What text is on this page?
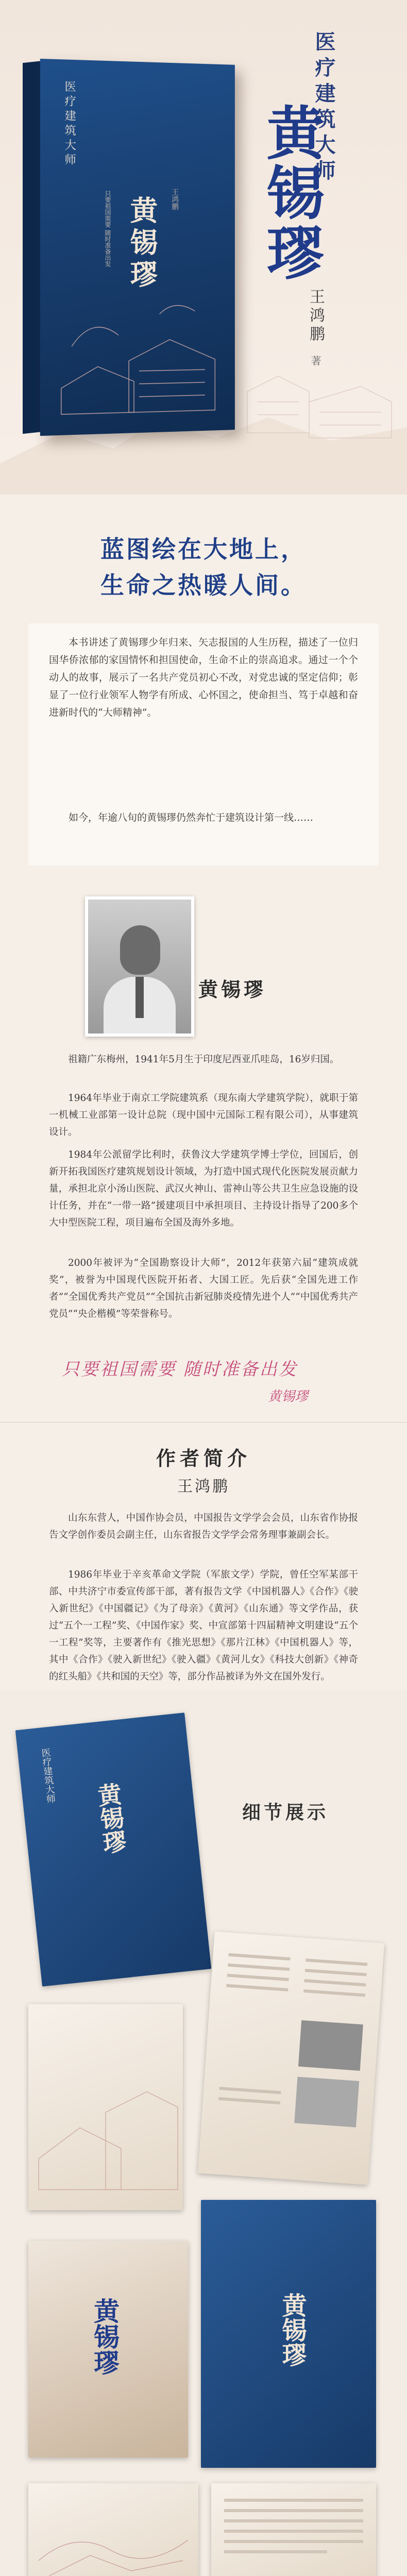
医疗建筑大师
只要祖国需要 随时准备出发 黄锡璆 王鸿鹏
医疗建筑大师
黄锡璆
王鸿鹏
著
蓝图绘在大地上，
生命之热暖人间。

本书讲述了黄锡璆少年归来、矢志报国的人生历程，描述了一位归国华侨浓郁的家国情怀和担国使命，生命不止的崇高追求。通过一个个动人的故事，展示了一名共产党员初心不改，对党忠诚的坚定信仰；彰显了一位行业领军人物学有所成、心怀国之，使命担当、笃于卓越和奋进新时代的“大师精神”。

如今，年逾八旬的黄锡璆仍然奔忙于建筑设计第一线……

黄锡璆

祖籍广东梅州，1941年5月生于印度尼西亚爪哇岛，16岁归国。

1964年毕业于南京工学院建筑系（现东南大学建筑学院），就职于第一机械工业部第一设计总院（现中国中元国际工程有限公司），从事建筑设计。

1984年公派留学比利时，获鲁汶大学建筑学博士学位，回国后，创新开拓我国医疗建筑规划设计领域，为打造中国式现代化医院发展贡献力量，承担北京小汤山医院、武汉火神山、雷神山等公共卫生应急设施的设计任务，并在“一带一路”援建项目中承担项目、主持设计指导了200多个大中型医院工程，项目遍布全国及海外多地。

2000年被评为“全国勘察设计大师”，2012年获第六届“建筑成就奖”，被誉为中国现代医院开拓者、大国工匠。先后获“全国先进工作者”“全国优秀共产党员”“全国抗击新冠肺炎疫情先进个人”“中国优秀共产党员”“央企楷模”等荣誉称号。

只要祖国需要 随时准备出发
黄锡璆
作者简介
王鸿鹏

山东东营人，中国作协会员，中国报告文学学会会员，山东省作协报告文学创作委员会副主任，山东省报告文学学会常务理事兼副会长。

1986年毕业于辛亥革命文学院（军旅文学）学院，曾任空军某部干部、中共济宁市委宣传部干部，著有报告文学《中国机器人》《合作》《驶入新世纪》《中国疆记》《为了母亲》《黄河》《山东通》等文学作品，获过“五个一工程”奖、《中国作家》奖、中宣部第十四届精神文明建设“五个一工程”奖等，主要著作有《推光思想》《那片江林》《中国机器人》等，其中《合作》《驶入新世纪》《驶入疆》《黄河儿女》《科技大创新》《神奇的红头船》《共和国的天空》等，部分作品被译为外文在国外发行。

黄锡璆
医疗建筑大师
细节展示
黄锡璆
黄锡璆
